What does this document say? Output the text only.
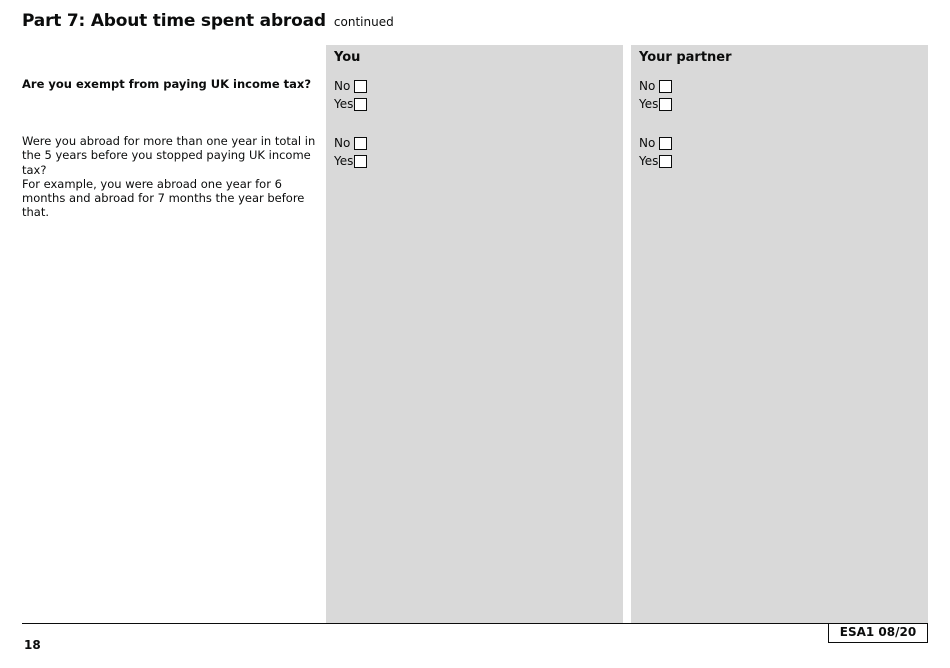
Part 7: About time spent abroad continued
Are you exempt from paying UK income tax?

Were you abroad for more than one year in total in the 5 years before you stopped paying UK income tax?

For example, you were abroad one year for 6 months and abroad for 7 months the year before that.

You
No
Yes
No
Yes
Your partner
No
Yes
No
Yes
18
ESA1 08/20
